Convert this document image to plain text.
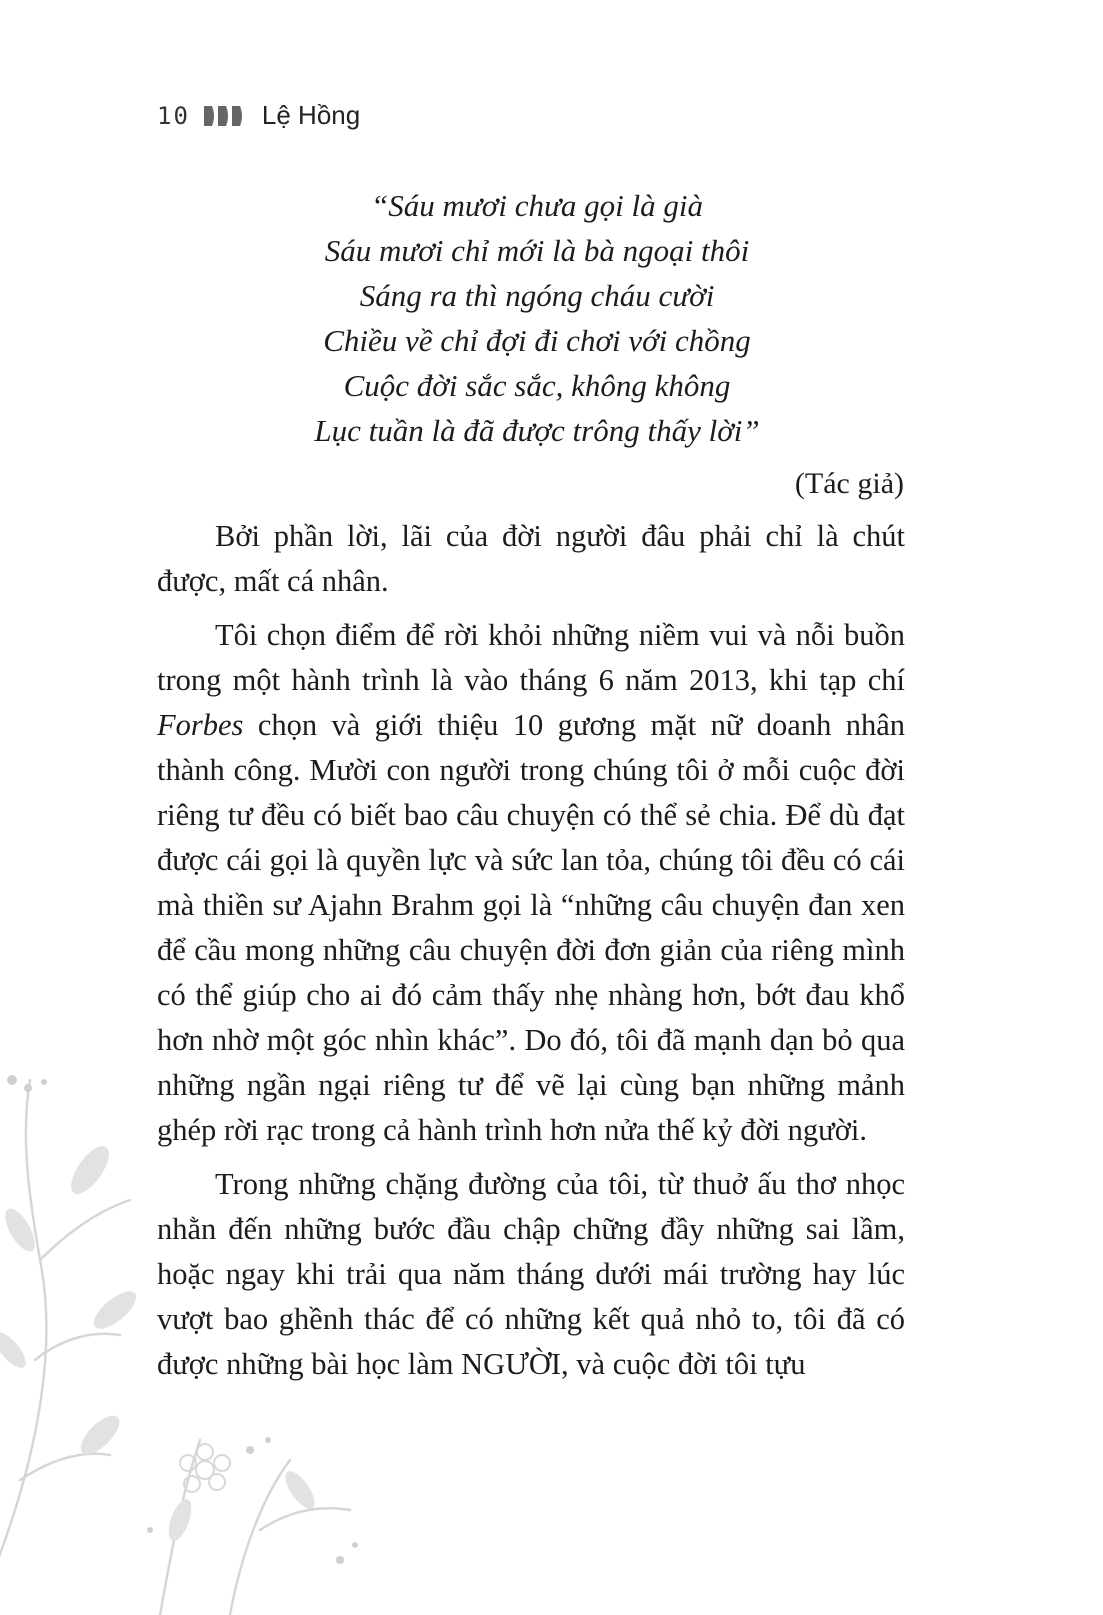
10	Lệ Hồng
“Sáu mươi chưa gọi là già
Sáu mươi chỉ mới là bà ngoại thôi
Sáng ra thì ngóng cháu cười
Chiều về chỉ đợi đi chơi với chồng
Cuộc đời sắc sắc, không không
Lục tuần là đã được trông thấy lời”
(Tác giả)

Bởi phần lời, lãi của đời người đâu phải chỉ là chút được, mất cá nhân.

Tôi chọn điểm để rời khỏi những niềm vui và nỗi buồn trong một hành trình là vào tháng 6 năm 2013, khi tạp chí Forbes chọn và giới thiệu 10 gương mặt nữ doanh nhân thành công. Mười con người trong chúng tôi ở mỗi cuộc đời riêng tư đều có biết bao câu chuyện có thể sẻ chia. Để dù đạt được cái gọi là quyền lực và sức lan tỏa, chúng tôi đều có cái mà thiền sư Ajahn Brahm gọi là “những câu chuyện đan xen để cầu mong những câu chuyện đời đơn giản của riêng mình có thể giúp cho ai đó cảm thấy nhẹ nhàng hơn, bớt đau khổ hơn nhờ một góc nhìn khác”. Do đó, tôi đã mạnh dạn bỏ qua những ngần ngại riêng tư để vẽ lại cùng bạn những mảnh ghép rời rạc trong cả hành trình hơn nửa thế kỷ đời người.

Trong những chặng đường của tôi, từ thuở ấu thơ nhọc nhằn đến những bước đầu chập chững đầy những sai lầm, hoặc ngay khi trải qua năm tháng dưới mái trường hay lúc vượt bao ghềnh thác để có những kết quả nhỏ to, tôi đã có được những bài học làm NGƯỜI, và cuộc đời tôi tựu
